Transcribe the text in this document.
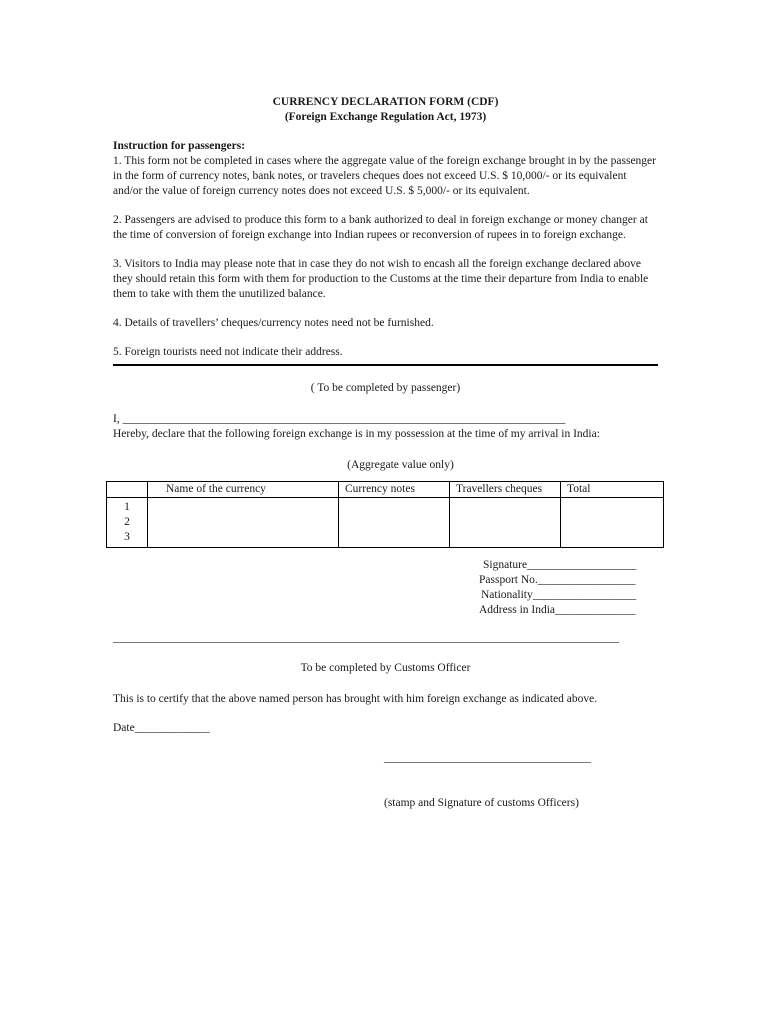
CURRENCY DECLARATION FORM (CDF)
(Foreign Exchange Regulation Act, 1973)
Instruction for passengers:

1. This form not be completed in cases where the aggregate value of the foreign exchange brought in by the passenger in the form of currency notes, bank notes, or travelers cheques does not exceed U.S. $ 10,000/- or its equivalent and/or the value of foreign currency notes does not exceed U.S. $ 5,000/- or its equivalent.

2. Passengers are advised to produce this form to a bank authorized to deal in foreign exchange or money changer at the time of conversion of foreign exchange into Indian rupees or reconversion of rupees in to foreign exchange.

3. Visitors to India may please note that in case they do not wish to encash all the foreign exchange declared above they should retain this form with them for production to the Customs at the time their departure from India to enable them to take with them the unutilized balance.

4. Details of travellers’ cheques/currency notes need not be furnished.

5. Foreign tourists need not indicate their address.

( To be completed by passenger)
I, _____________________________________________________________________________
Hereby, declare that the following foreign exchange is in my possession at the time of my arrival in India:
(Aggregate value only)
	Name of the currency	Currency notes	Travellers cheques	Total

1
2
3				

Signature___________________
Passport No._________________
Nationality__________________
Address in India______________
________________________________________________________________________________________
To be completed by Customs Officer
This is to certify that the above named person has brought with him foreign exchange as indicated above.
Date_____________

____________________________________

(stamp and Signature of customs Officers)
